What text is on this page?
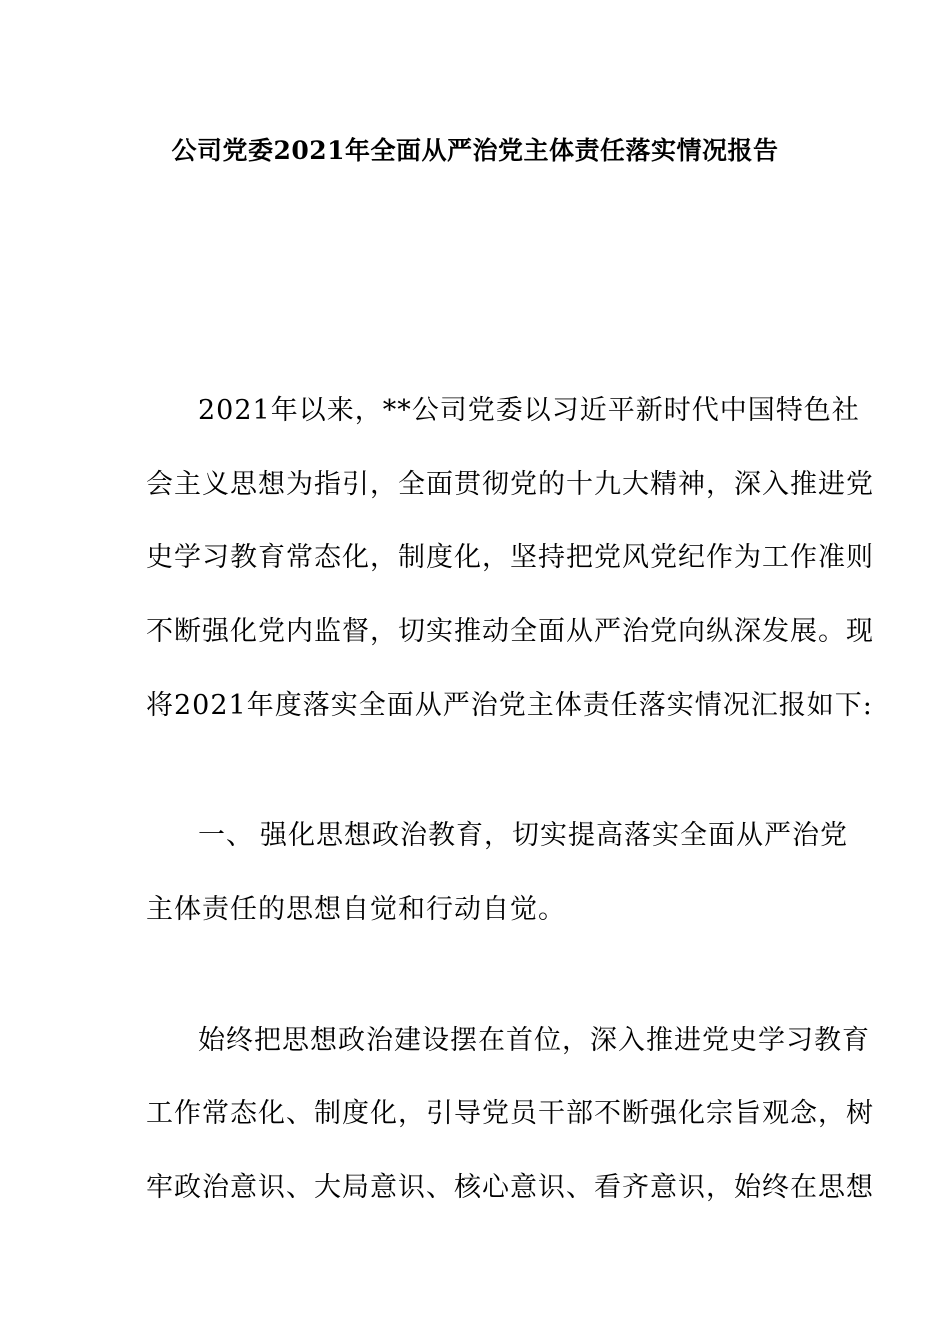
公司党委2021年全面从严治党主体责任落实情况报告
2021年以来，**公司党委以习近平新时代中国特色社
会主义思想为指引，全面贯彻党的十九大精神，深入推进党
史学习教育常态化，制度化，坚持把党风党纪作为工作准则
不断强化党内监督，切实推动全面从严治党向纵深发展。现
将2021年度落实全面从严治党主体责任落实情况汇报如下:
一、 强化思想政治教育，切实提高落实全面从严治党
主体责任的思想自觉和行动自觉。
始终把思想政治建设摆在首位，深入推进党史学习教育
工作常态化、制度化，引导党员干部不断强化宗旨观念，树
牢政治意识、大局意识、核心意识、看齐意识，始终在思想
